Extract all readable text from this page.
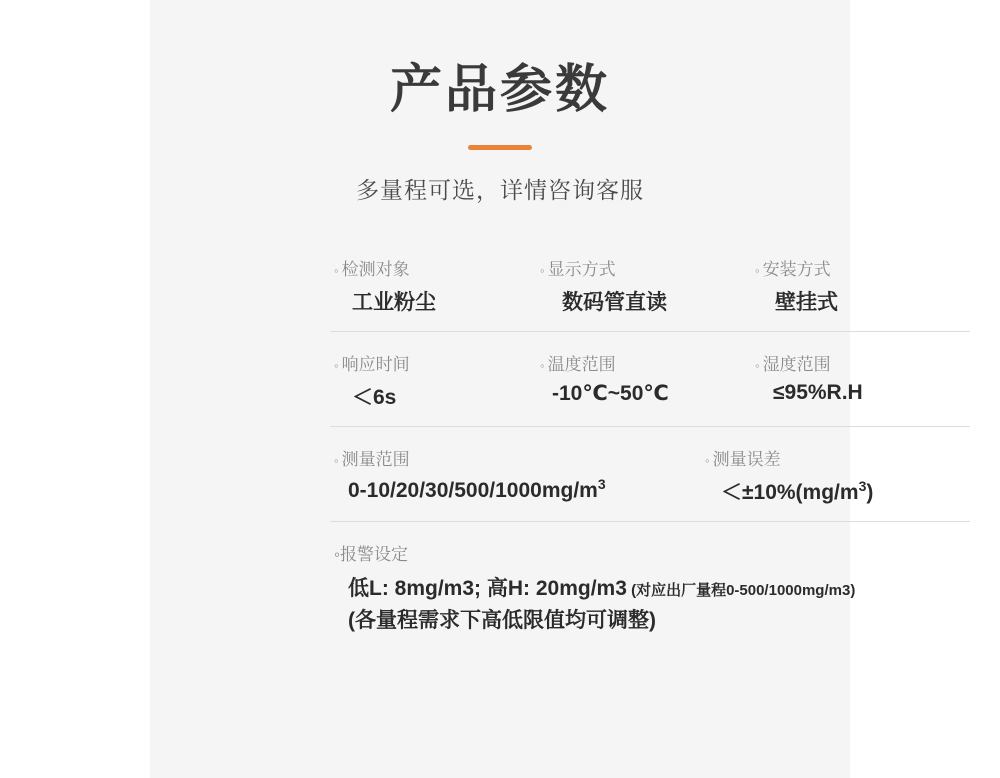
产品参数
多量程可选，详情咨询客服
◦ 检测对象
工业粉尘
◦ 显示方式
数码管直读
◦ 安装方式
壁挂式
◦ 响应时间
＜6s
◦ 温度范围
-10℃~50℃
◦ 湿度范围
≤95%R.H
◦ 测量范围
$0-10/20/30/500/1000mg/m^3$
◦ 测量误差
$<\pm 10\%(mg/m^3)$
◦报警设定
低L: 8mg/m3; 高H: 20mg/m3 (对应出厂量程0-500/1000mg/m3)
(各量程需求下高低限值均可调整)
